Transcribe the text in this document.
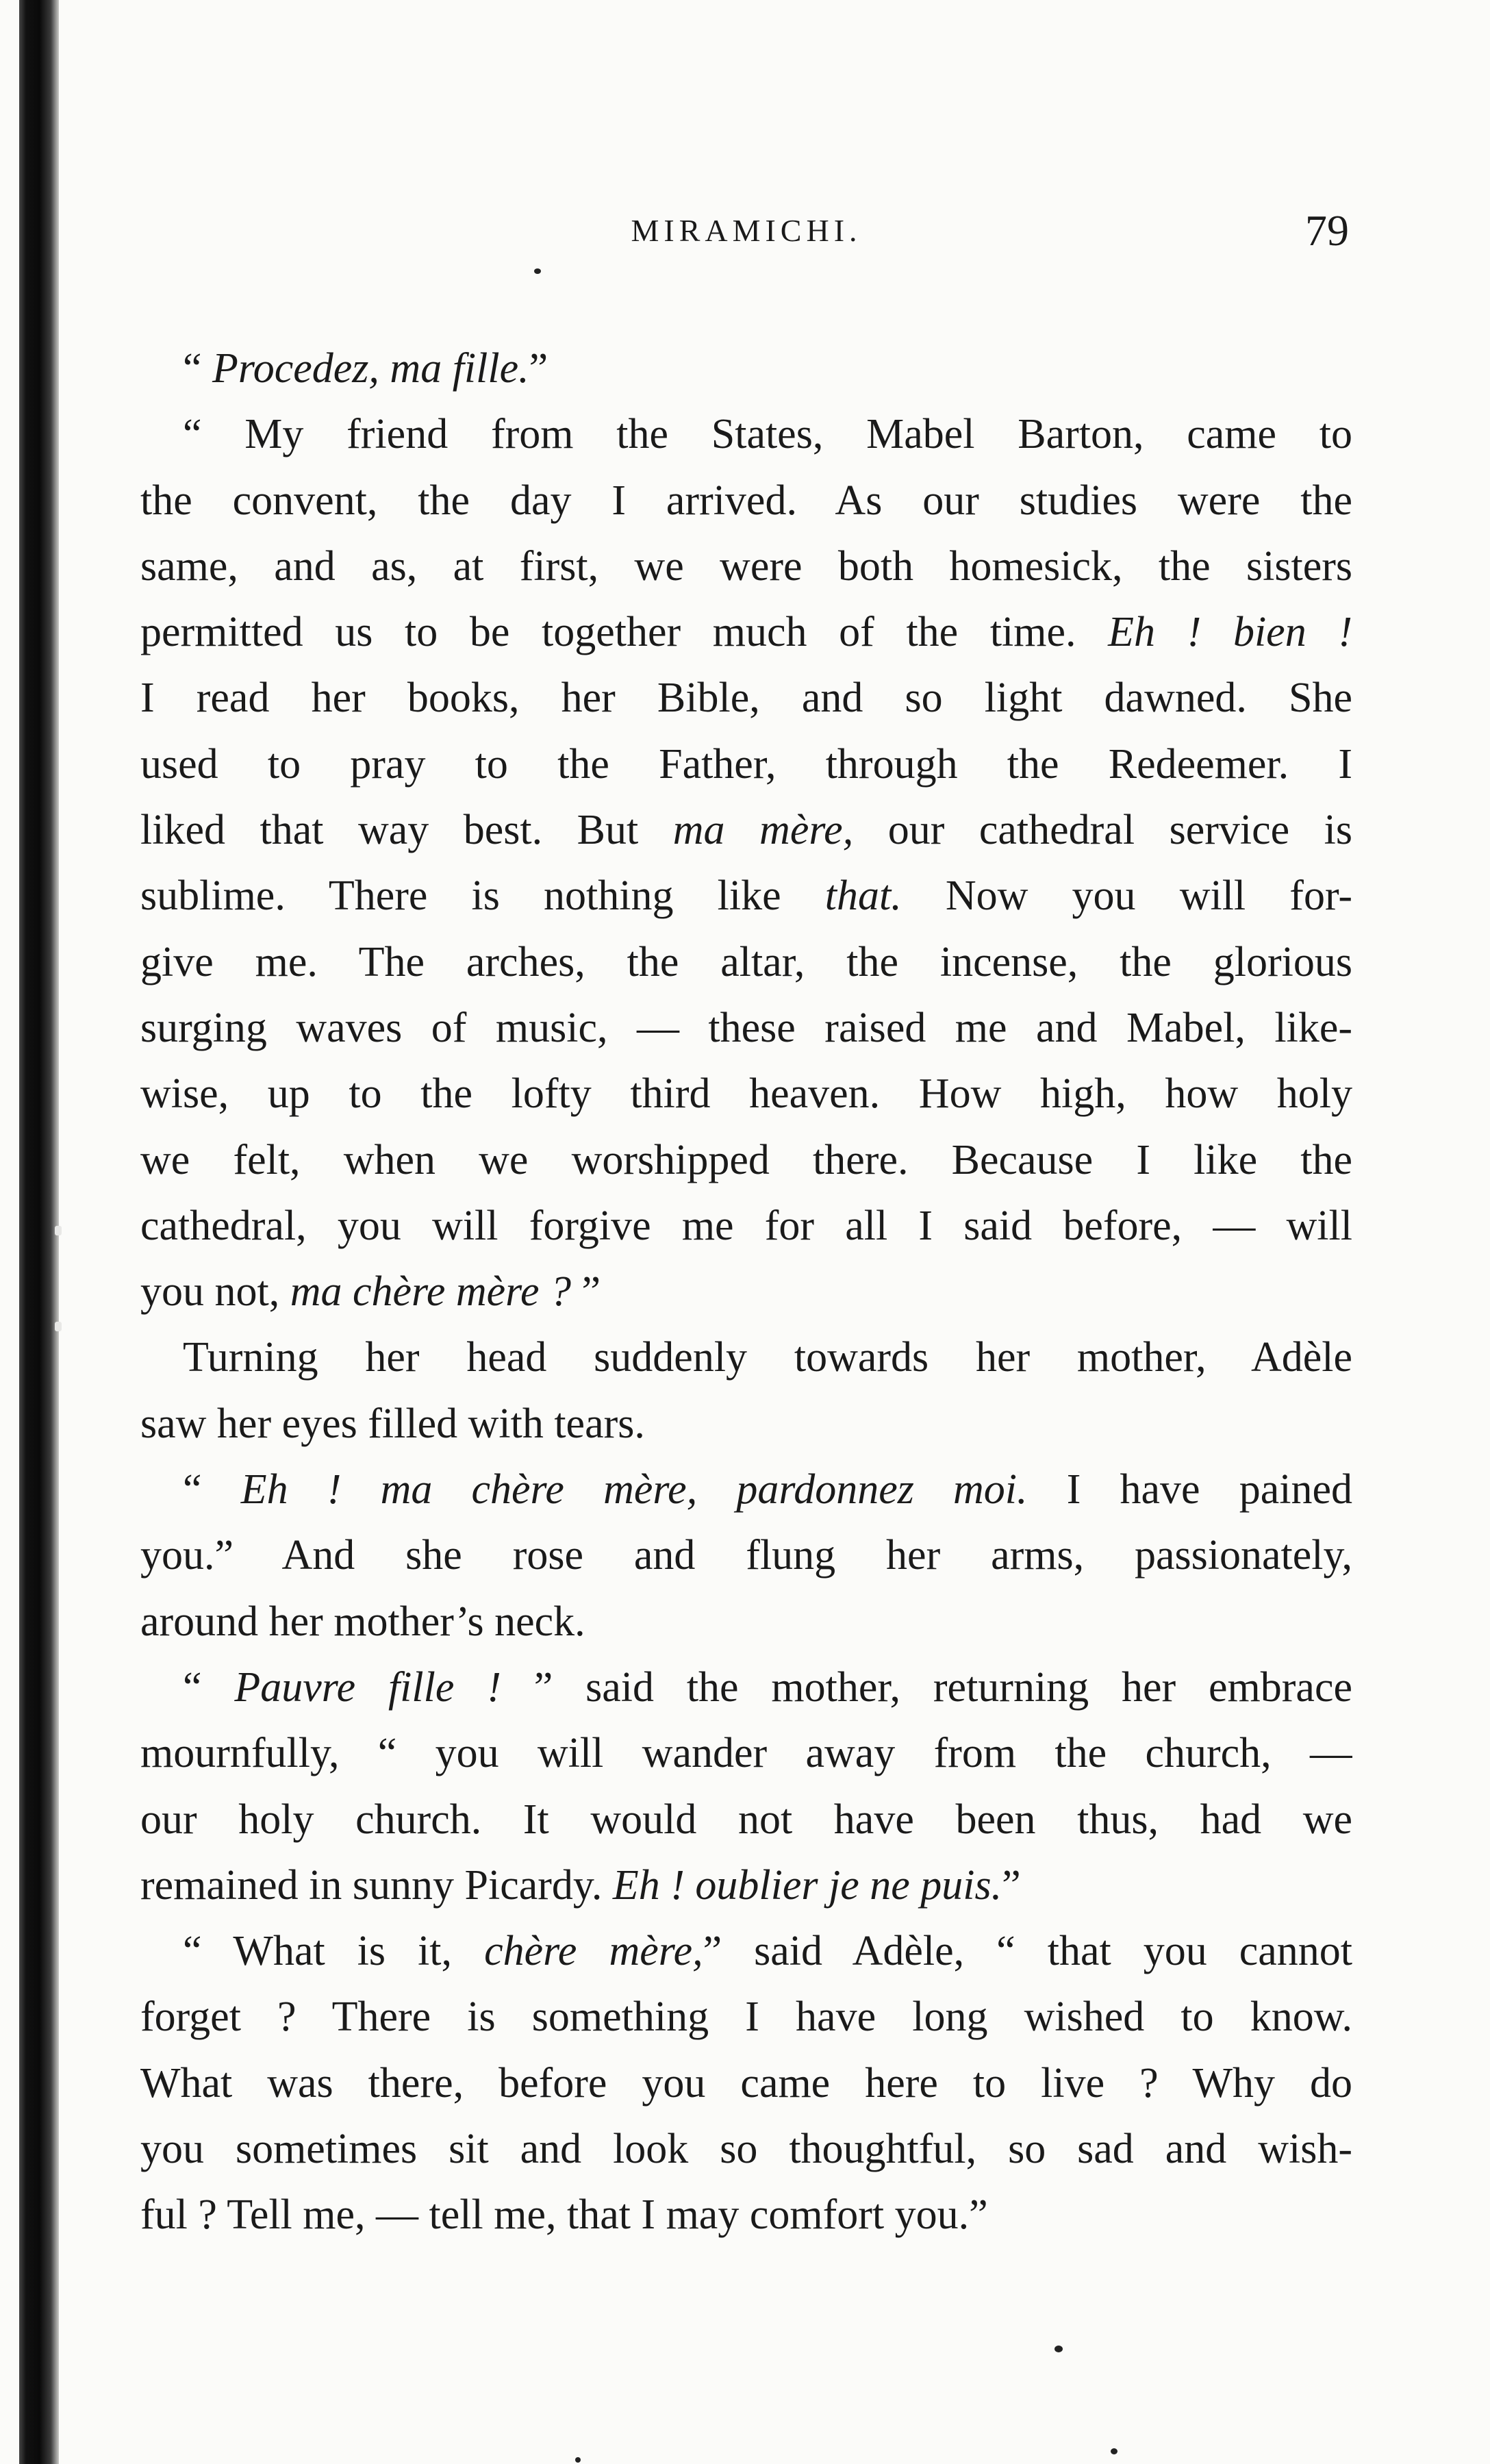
MIRAMICHI.	79
“ Procedez, ma fille.”
“ My friend from the States, Mabel Barton, came to
the convent, the day I arrived. As our studies were the
same, and as, at first, we were both homesick, the sisters
permitted us to be together much of the time. Eh ! bien !
I read her books, her Bible, and so light dawned. She
used to pray to the Father, through the Redeemer. I
liked that way best. But ma mère, our cathedral service is
sublime. There is nothing like that. Now you will for-
give me. The arches, the altar, the incense, the glorious
surging waves of music, — these raised me and Mabel, like-
wise, up to the lofty third heaven. How high, how holy
we felt, when we worshipped there. Because I like the
cathedral, you will forgive me for all I said before, — will
you not, ma chère mère ? ”
Turning her head suddenly towards her mother, Adèle
saw her eyes filled with tears.
“ Eh ! ma chère mère, pardonnez moi. I have pained
you.” And she rose and flung her arms, passionately,
around her mother’s neck.
“ Pauvre fille ! ” said the mother, returning her embrace
mournfully, “ you will wander away from the church, —
our holy church. It would not have been thus, had we
remained in sunny Picardy. Eh ! oublier je ne puis.”
“ What is it, chère mère,” said Adèle, “ that you cannot
forget ? There is something I have long wished to know.
What was there, before you came here to live ? Why do
you sometimes sit and look so thoughtful, so sad and wish-
ful ? Tell me, — tell me, that I may comfort you.”
